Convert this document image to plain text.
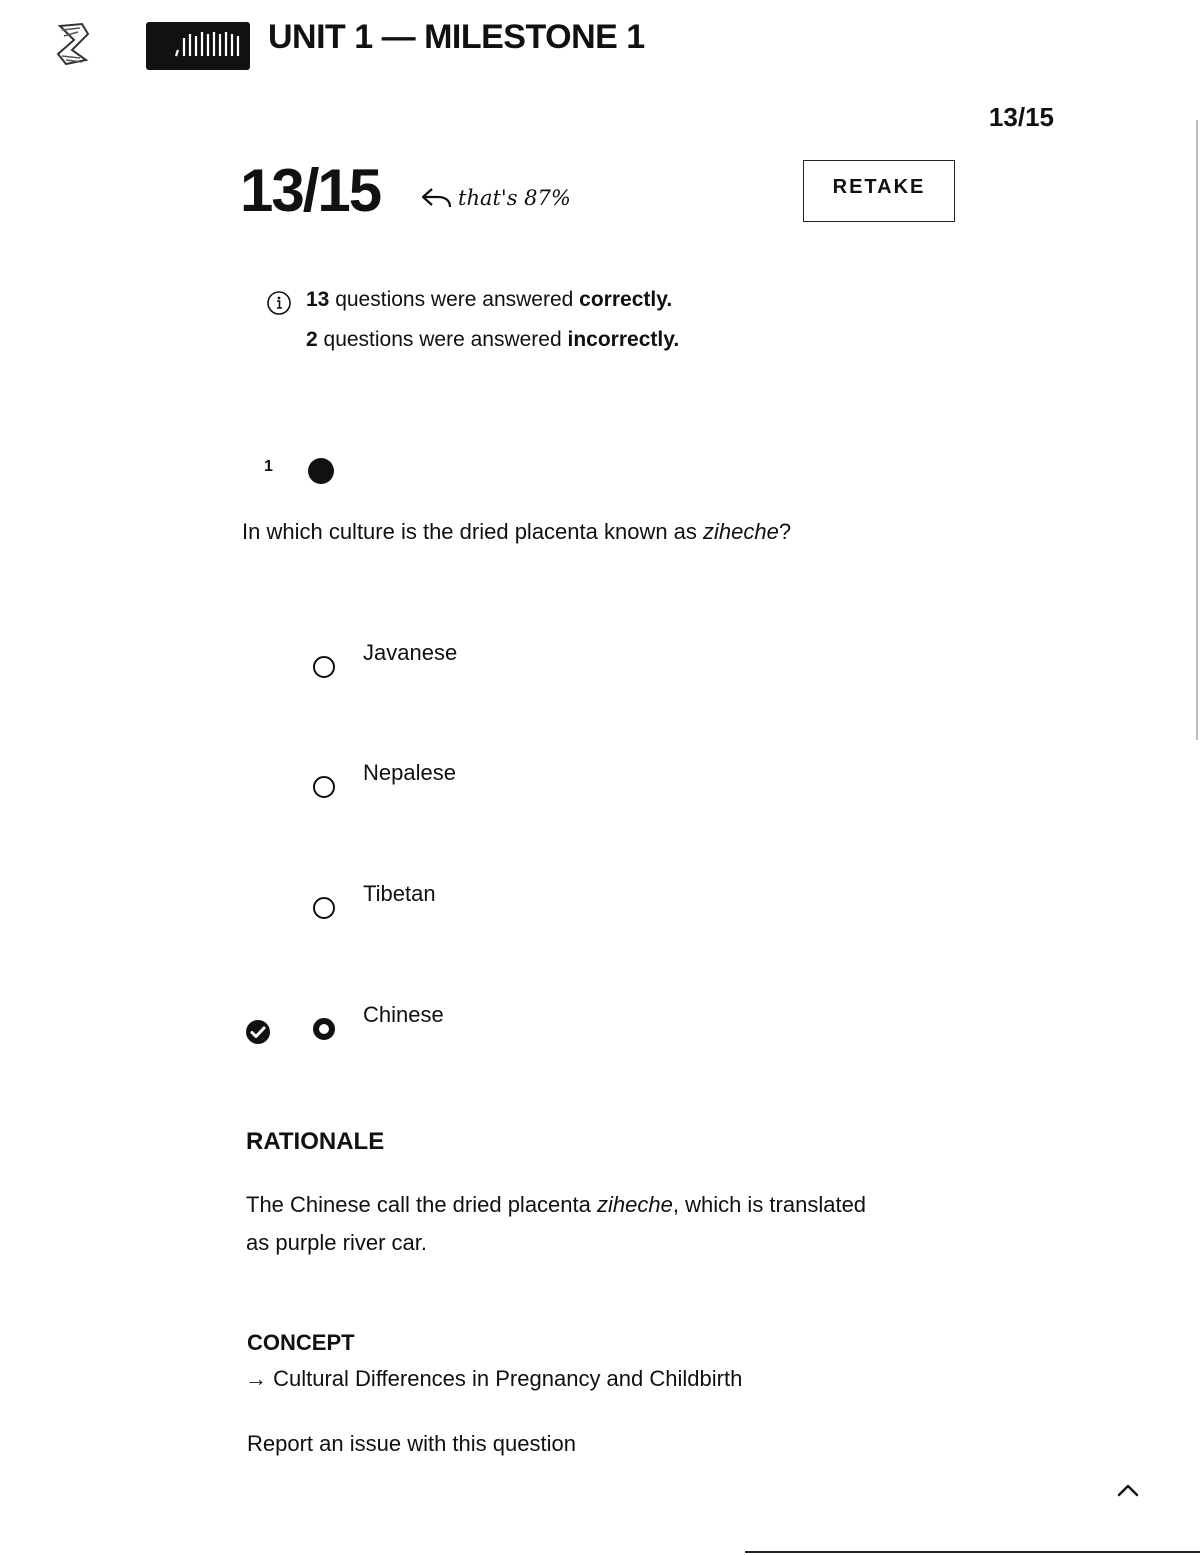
UNIT 1 — MILESTONE 1
13/15
13/15	that's 87%	RETAKE
13 questions were answered correctly.
2 questions were answered incorrectly.
1
In which culture is the dried placenta known as ziheche?
Javanese
Nepalese
Tibetan
Chinese
RATIONALE
The Chinese call the dried placenta ziheche, which is translated as purple river car.
CONCEPT
→ Cultural Differences in Pregnancy and Childbirth
Report an issue with this question
